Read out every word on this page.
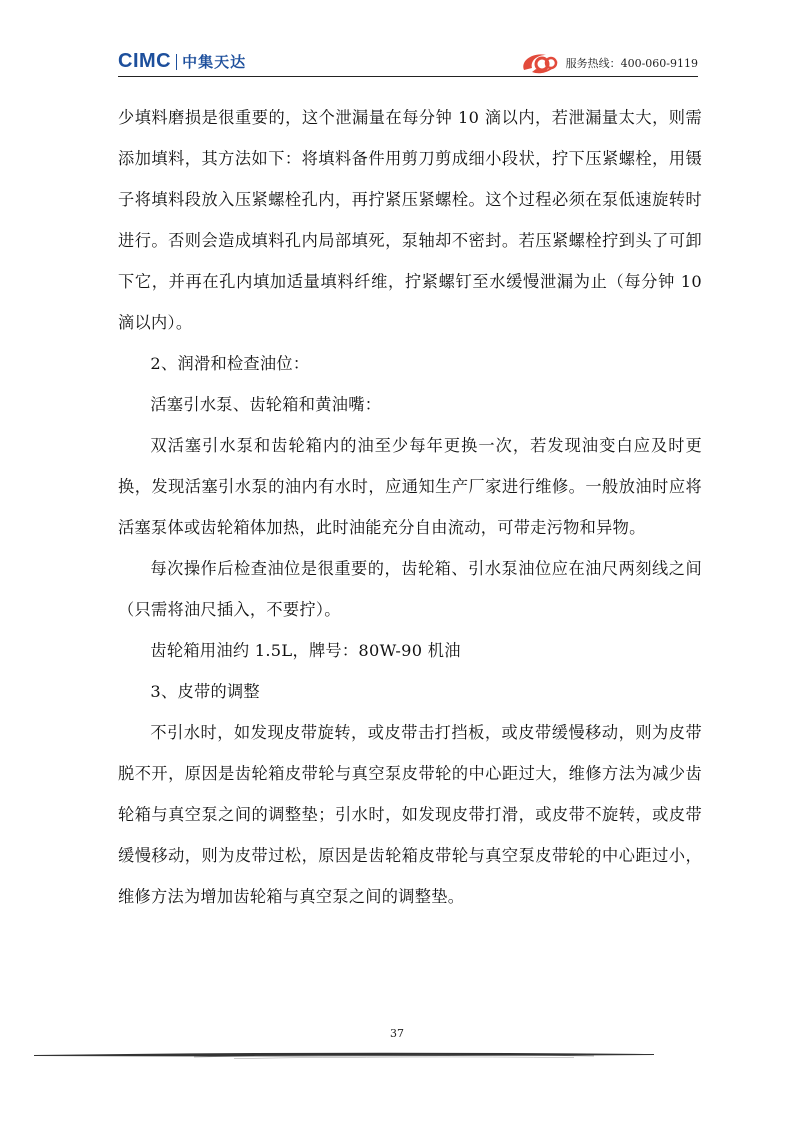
CIMC 中集天达	服务热线：400-060-9119

少填料磨损是很重要的，这个泄漏量在每分钟 10 滴以内，若泄漏量太大，则需添加填料，其方法如下：将填料备件用剪刀剪成细小段状，拧下压紧螺栓，用镊子将填料段放入压紧螺栓孔内，再拧紧压紧螺栓。这个过程必须在泵低速旋转时进行。否则会造成填料孔内局部填死，泵轴却不密封。若压紧螺栓拧到头了可卸下它，并再在孔内填加适量填料纤维，拧紧螺钉至水缓慢泄漏为止（每分钟 10 滴以内）。

2、润滑和检查油位：

活塞引水泵、齿轮箱和黄油嘴：

双活塞引水泵和齿轮箱内的油至少每年更换一次，若发现油变白应及时更换，发现活塞引水泵的油内有水时，应通知生产厂家进行维修。一般放油时应将活塞泵体或齿轮箱体加热，此时油能充分自由流动，可带走污物和异物。

每次操作后检查油位是很重要的，齿轮箱、引水泵油位应在油尺两刻线之间（只需将油尺插入，不要拧）。

齿轮箱用油约 1.5L，牌号：80W-90 机油

3、皮带的调整

不引水时，如发现皮带旋转，或皮带击打挡板，或皮带缓慢移动，则为皮带脱不开，原因是齿轮箱皮带轮与真空泵皮带轮的中心距过大，维修方法为减少齿轮箱与真空泵之间的调整垫；引水时，如发现皮带打滑，或皮带不旋转，或皮带缓慢移动，则为皮带过松，原因是齿轮箱皮带轮与真空泵皮带轮的中心距过小，维修方法为增加齿轮箱与真空泵之间的调整垫。

37
